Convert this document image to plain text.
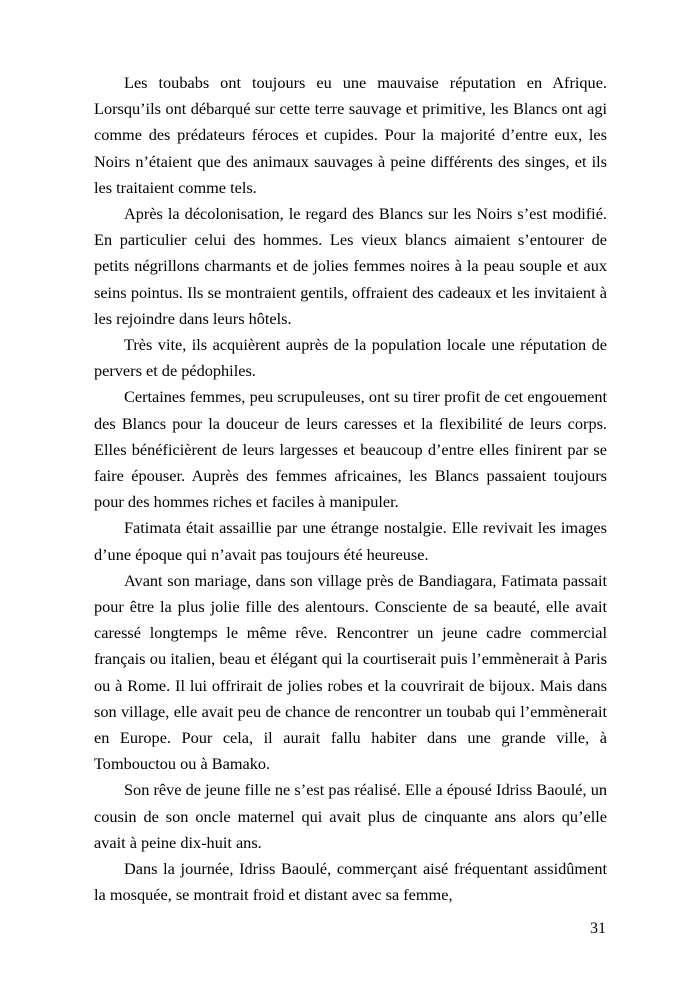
Les toubabs ont toujours eu une mauvaise réputation en Afrique. Lorsqu’ils ont débarqué sur cette terre sauvage et primitive, les Blancs ont agi comme des prédateurs féroces et cupides. Pour la majorité d’entre eux, les Noirs n’étaient que des animaux sauvages à peine différents des singes, et ils les traitaient comme tels.

Après la décolonisation, le regard des Blancs sur les Noirs s’est modifié. En particulier celui des hommes. Les vieux blancs aimaient s’entourer de petits négrillons charmants et de jolies femmes noires à la peau souple et aux seins pointus. Ils se montraient gentils, offraient des cadeaux et les invitaient à les rejoindre dans leurs hôtels.

Très vite, ils acquièrent auprès de la population locale une réputation de pervers et de pédophiles.

Certaines femmes, peu scrupuleuses, ont su tirer profit de cet engouement des Blancs pour la douceur de leurs caresses et la flexibilité de leurs corps. Elles bénéficièrent de leurs largesses et beaucoup d’entre elles finirent par se faire épouser. Auprès des femmes africaines, les Blancs passaient toujours pour des hommes riches et faciles à manipuler.

Fatimata était assaillie par une étrange nostalgie. Elle revivait les images d’une époque qui n’avait pas toujours été heureuse.

Avant son mariage, dans son village près de Bandiagara, Fatimata passait pour être la plus jolie fille des alentours. Consciente de sa beauté, elle avait caressé longtemps le même rêve. Rencontrer un jeune cadre commercial français ou italien, beau et élégant qui la courtiserait puis l’emmènerait à Paris ou à Rome. Il lui offrirait de jolies robes et la couvrirait de bijoux. Mais dans son village, elle avait peu de chance de rencontrer un toubab qui l’emmènerait en Europe. Pour cela, il aurait fallu habiter dans une grande ville, à Tombouctou ou à Bamako.

Son rêve de jeune fille ne s’est pas réalisé. Elle a épousé Idriss Baoulé, un cousin de son oncle maternel qui avait plus de cinquante ans alors qu’elle avait à peine dix-huit ans.

Dans la journée, Idriss Baoulé, commerçant aisé fréquentant assidûment la mosquée, se montrait froid et distant avec sa femme,

31
